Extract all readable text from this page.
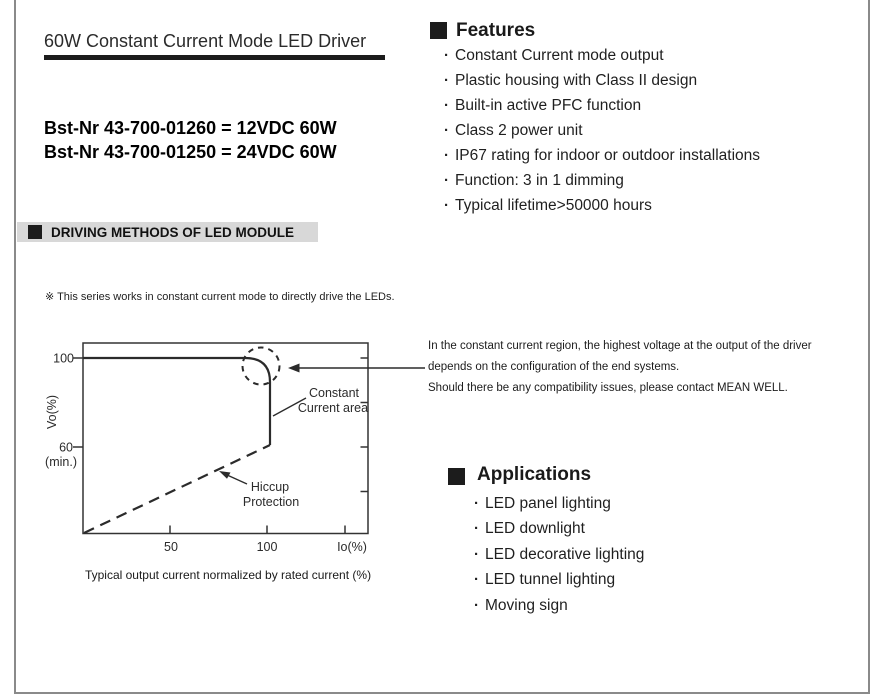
60W Constant Current Mode LED Driver
Bst-Nr 43-700-01260 = 12VDC 60W
Bst-Nr 43-700-01250 = 24VDC 60W
DRIVING METHODS OF LED MODULE
※ This series works in constant current mode to directly drive the LEDs.
100
60
(min.)
Vo(%)
50	100	Io(%)
Constant
Current area
Hiccup
Protection
Typical output current normalized by rated current (%)
Features
· Constant Current mode output
· Plastic housing with Class II design
· Built-in active PFC function
· Class 2 power unit
· IP67 rating for indoor or outdoor installations
· Function: 3 in 1 dimming
· Typical lifetime>50000 hours
In the constant current region, the highest voltage at the output of the driver
depends on the configuration of the end systems.
Should there be any compatibility issues, please contact MEAN WELL.
Applications
· LED panel lighting
· LED downlight
· LED decorative lighting
· LED tunnel lighting
· Moving sign
